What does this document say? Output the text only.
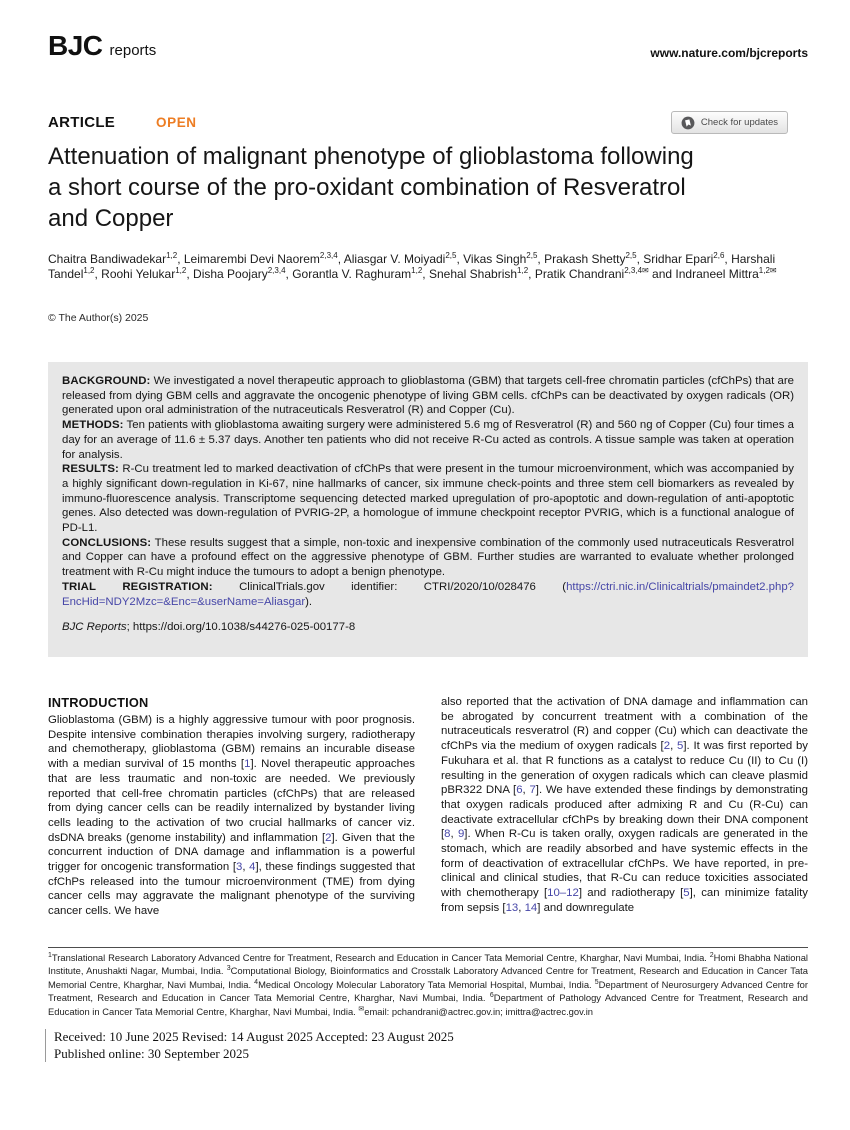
BJC reports	www.nature.com/bjcreports
ARTICLE	OPEN	Check for updates
Attenuation of malignant phenotype of glioblastoma following
a short course of the pro-oxidant combination of Resveratrol
and Copper

Chaitra Bandiwadekar$^{1,2}$, Leimarembi Devi Naorem$^{2,3,4}$, Aliasgar V. Moiyadi$^{2,5}$, Vikas Singh$^{2,5}$, Prakash Shetty$^{2,5}$, Sridhar Epari$^{2,6}$, Harshali Tandel$^{1,2}$, Roohi Yelukar$^{1,2}$, Disha Poojary$^{2,3,4}$, Gorantla V. Raghuram$^{1,2}$, Snehal Shabrish$^{1,2}$, Pratik Chandrani$^{2,3,4✉}$ and Indraneel Mittra$^{1,2✉}$

© The Author(s) 2025

BACKGROUND: We investigated a novel therapeutic approach to glioblastoma (GBM) that targets cell-free chromatin particles (cfChPs) that are released from dying GBM cells and aggravate the oncogenic phenotype of living GBM cells. cfChPs can be deactivated by oxygen radicals (OR) generated upon oral administration of the nutraceuticals Resveratrol (R) and Copper (Cu).

METHODS: Ten patients with glioblastoma awaiting surgery were administered 5.6 mg of Resveratrol (R) and 560 ng of Copper (Cu) four times a day for an average of 11.6 ± 5.37 days. Another ten patients who did not receive R-Cu acted as controls. A tissue sample was taken at operation for analysis.

RESULTS: R-Cu treatment led to marked deactivation of cfChPs that were present in the tumour microenvironment, which was accompanied by a highly significant down-regulation in Ki-67, nine hallmarks of cancer, six immune check-points and three stem cell biomarkers as revealed by immuno-fluorescence analysis. Transcriptome sequencing detected marked upregulation of pro-apoptotic and down-regulation of anti-apoptotic genes. Also detected was down-regulation of PVRIG-2P, a homologue of immune checkpoint receptor PVRIG, which is a functional analogue of PD-L1.

CONCLUSIONS: These results suggest that a simple, non-toxic and inexpensive combination of the commonly used nutraceuticals Resveratrol and Copper can have a profound effect on the aggressive phenotype of GBM. Further studies are warranted to evaluate whether prolonged treatment with R-Cu might induce the tumours to adopt a benign phenotype.

TRIAL REGISTRATION: ClinicalTrials.gov identifier: CTRI/2020/10/028476 (https://ctri.nic.in/Clinicaltrials/pmaindet2.php?EncHid=NDY2Mzc=&Enc=&userName=Aliasgar).

BJC Reports; https://doi.org/10.1038/s44276-025-00177-8

INTRODUCTION

Glioblastoma (GBM) is a highly aggressive tumour with poor prognosis. Despite intensive combination therapies involving surgery, radiotherapy and chemotherapy, glioblastoma (GBM) remains an incurable disease with a median survival of 15 months [1]. Novel therapeutic approaches that are less traumatic and non-toxic are needed. We previously reported that cell-free chromatin particles (cfChPs) that are released from dying cancer cells can be readily internalized by bystander living cells leading to the activation of two crucial hallmarks of cancer viz. dsDNA breaks (genome instability) and inflammation [2]. Given that the concurrent induction of DNA damage and inflammation is a powerful trigger for oncogenic transformation [3, 4], these findings suggested that cfChPs released into the tumour microenvironment (TME) from dying cancer cells may aggravate the malignant phenotype of the surviving cancer cells. We have

also reported that the activation of DNA damage and inflammation can be abrogated by concurrent treatment with a combination of the nutraceuticals resveratrol (R) and copper (Cu) which can deactivate the cfChPs via the medium of oxygen radicals [2, 5]. It was first reported by Fukuhara et al. that R functions as a catalyst to reduce Cu (II) to Cu (I) resulting in the generation of oxygen radicals which can cleave plasmid pBR322 DNA [6, 7]. We have extended these findings by demonstrating that oxygen radicals produced after admixing R and Cu (R-Cu) can deactivate extracellular cfChPs by breaking down their DNA component [8, 9]. When R-Cu is taken orally, oxygen radicals are generated in the stomach, which are readily absorbed and have systemic effects in the form of deactivation of extracellular cfChPs. We have reported, in pre-clinical and clinical studies, that R-Cu can reduce toxicities associated with chemotherapy [10–12] and radiotherapy [5], can minimize fatality from sepsis [13, 14] and downregulate

$^1$Translational Research Laboratory Advanced Centre for Treatment, Research and Education in Cancer Tata Memorial Centre, Kharghar, Navi Mumbai, India. $^2$Homi Bhabha National Institute, Anushakti Nagar, Mumbai, India. $^3$Computational Biology, Bioinformatics and Crosstalk Laboratory Advanced Centre for Treatment, Research and Education in Cancer Tata Memorial Centre, Kharghar, Navi Mumbai, India. $^4$Medical Oncology Molecular Laboratory Tata Memorial Hospital, Mumbai, India. $^5$Department of Neurosurgery Advanced Centre for Treatment, Research and Education in Cancer Tata Memorial Centre, Kharghar, Navi Mumbai, India. $^6$Department of Pathology Advanced Centre for Treatment, Research and Education in Cancer Tata Memorial Centre, Kharghar, Navi Mumbai, India. ✉email: pchandrani@actrec.gov.in; imittra@actrec.gov.in

Received: 10 June 2025 Revised: 14 August 2025 Accepted: 23 August 2025

Published online: 30 September 2025
